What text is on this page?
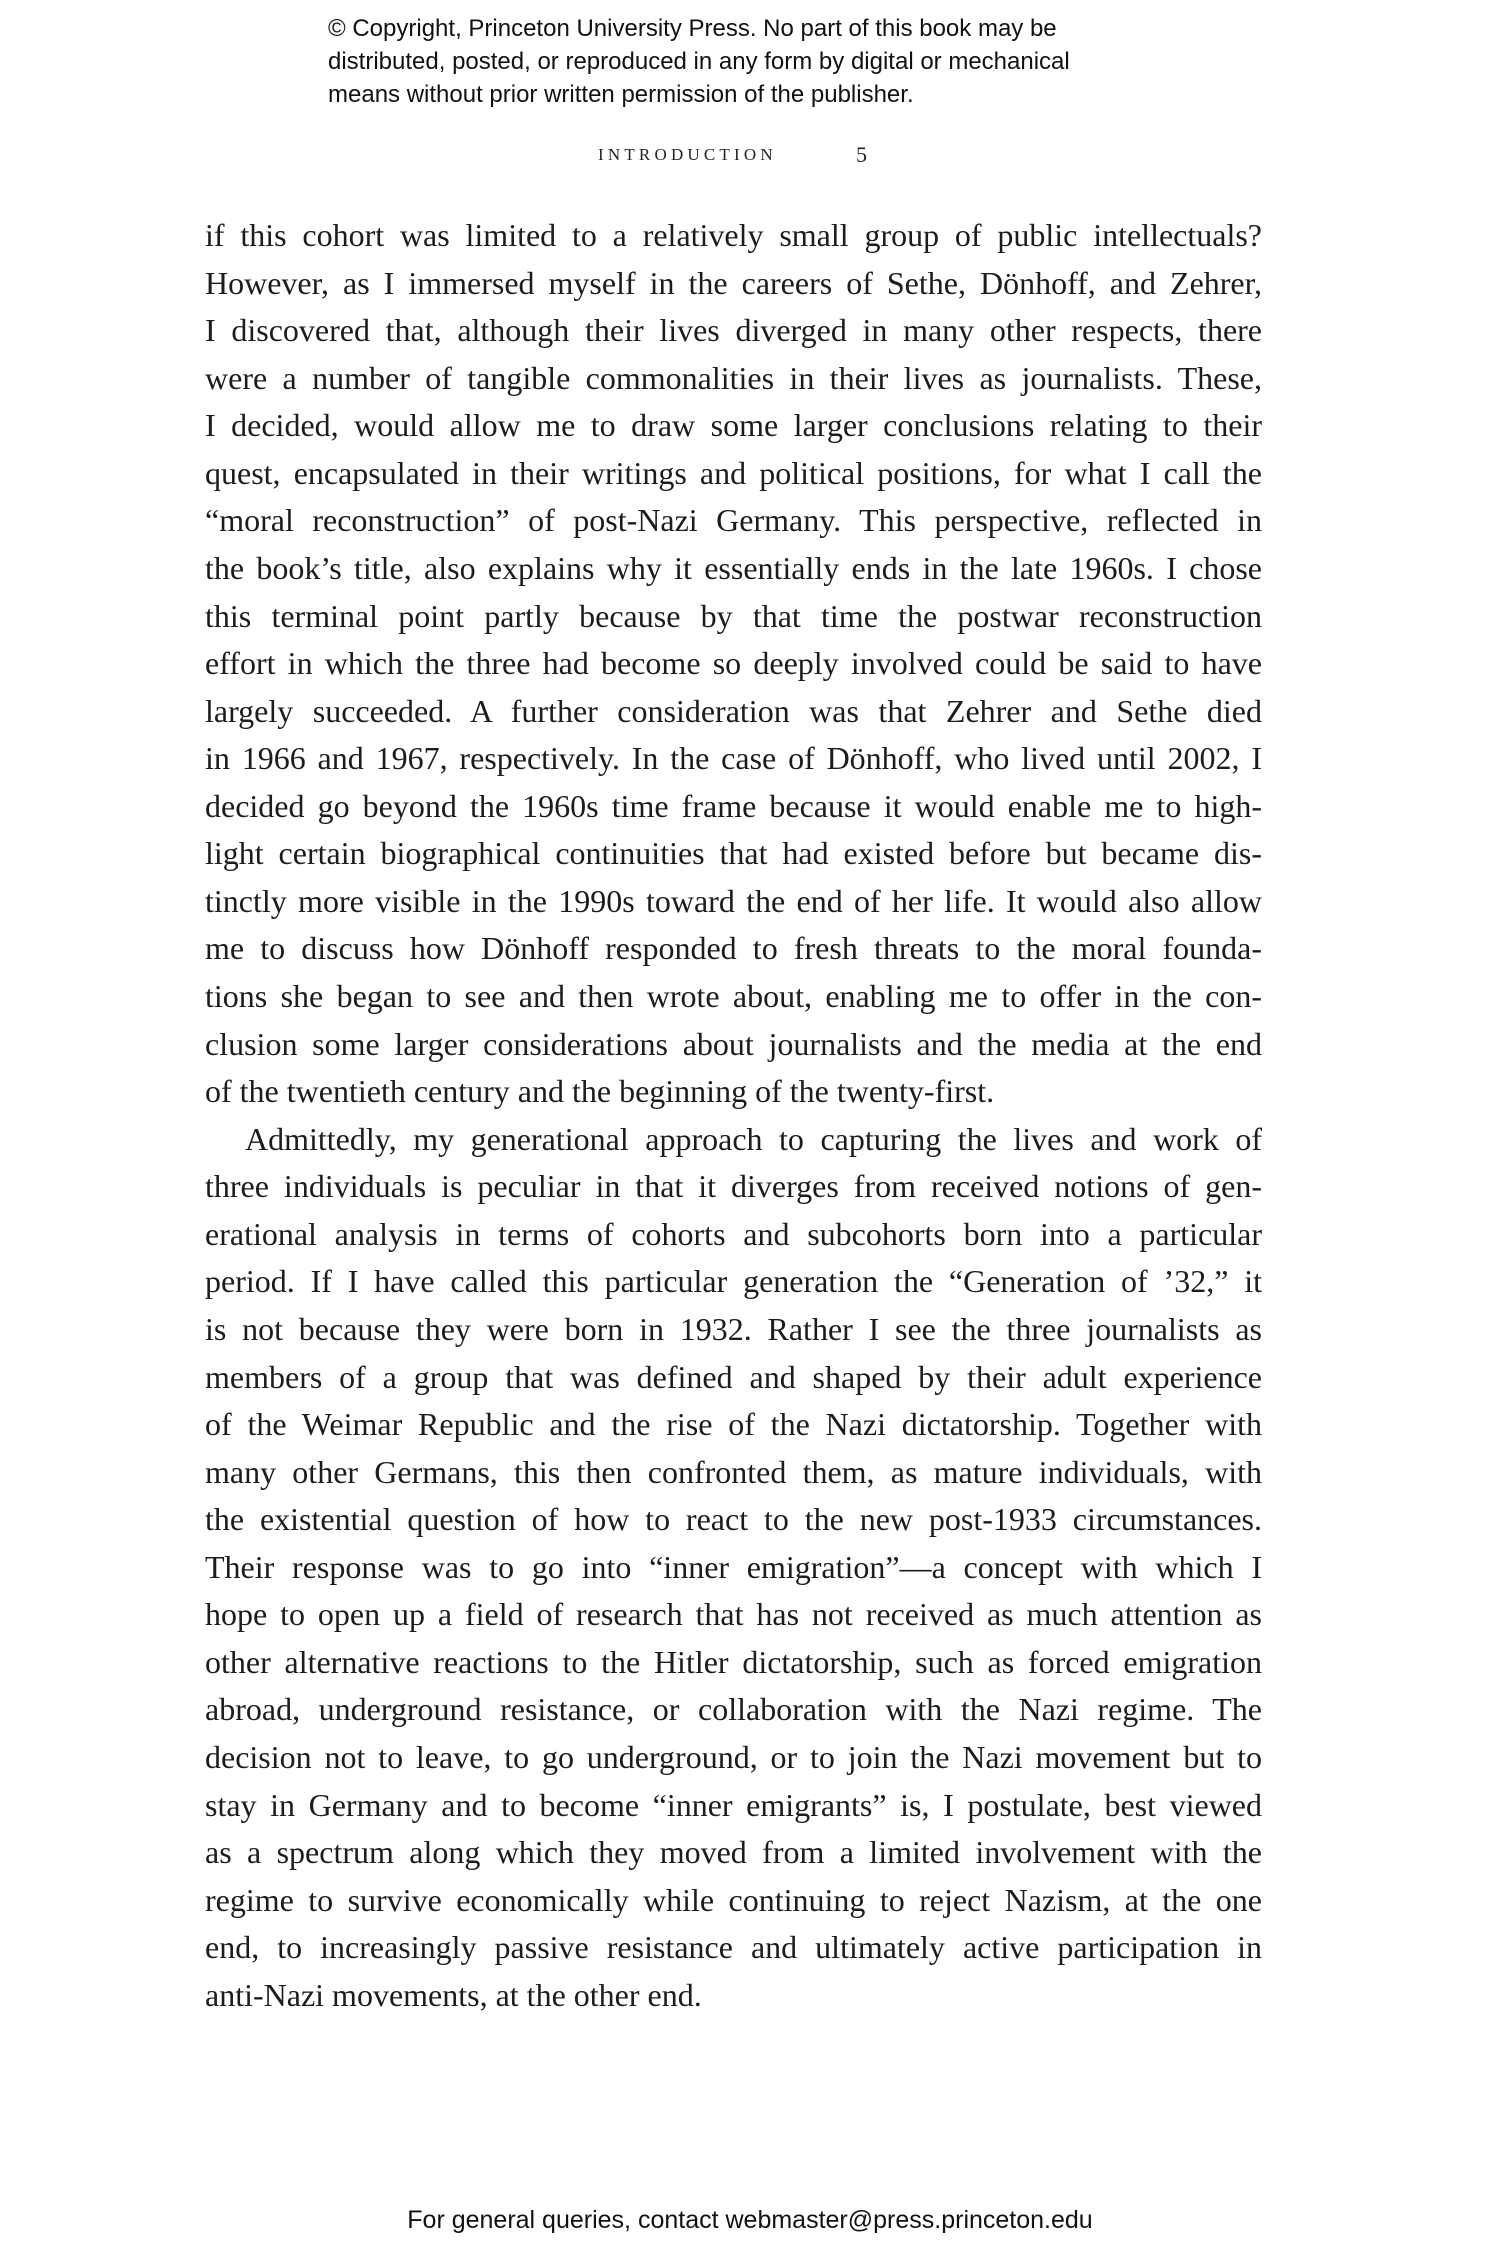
© Copyright, Princeton University Press. No part of this book may be
distributed, posted, or reproduced in any form by digital or mechanical
means without prior written permission of the publisher.
INTRODUCTION	5
if this cohort was limited to a relatively small group of public intellectuals?
However, as I immersed myself in the careers of Sethe, Dönhoff, and Zehrer,
I discovered that, although their lives diverged in many other respects, there
were a number of tangible commonalities in their lives as journalists. These,
I decided, would allow me to draw some larger conclusions relating to their
quest, encapsulated in their writings and political positions, for what I call the
“moral reconstruction” of post-Nazi Germany. This perspective, reflected in
the book’s title, also explains why it essentially ends in the late 1960s. I chose
this terminal point partly because by that time the postwar reconstruction
effort in which the three had become so deeply involved could be said to have
largely succeeded. A further consideration was that Zehrer and Sethe died
in 1966 and 1967, respectively. In the case of Dönhoff, who lived until 2002, I
decided go beyond the 1960s time frame because it would enable me to high-
light certain biographical continuities that had existed before but became dis-
tinctly more visible in the 1990s toward the end of her life. It would also allow
me to discuss how Dönhoff responded to fresh threats to the moral founda-
tions she began to see and then wrote about, enabling me to offer in the con-
clusion some larger considerations about journalists and the media at the end
of the twentieth century and the beginning of the twenty-first.
Admittedly, my generational approach to capturing the lives and work of
three individuals is peculiar in that it diverges from received notions of gen-
erational analysis in terms of cohorts and subcohorts born into a particular
period. If I have called this particular generation the “Generation of ’32,” it
is not because they were born in 1932. Rather I see the three journalists as
members of a group that was defined and shaped by their adult experience
of the Weimar Republic and the rise of the Nazi dictatorship. Together with
many other Germans, this then confronted them, as mature individuals, with
the existential question of how to react to the new post-1933 circumstances.
Their response was to go into “inner emigration”—a concept with which I
hope to open up a field of research that has not received as much attention as
other alternative reactions to the Hitler dictatorship, such as forced emigration
abroad, underground resistance, or collaboration with the Nazi regime. The
decision not to leave, to go underground, or to join the Nazi movement but to
stay in Germany and to become “inner emigrants” is, I postulate, best viewed
as a spectrum along which they moved from a limited involvement with the
regime to survive economically while continuing to reject Nazism, at the one
end, to increasingly passive resistance and ultimately active participation in
anti-Nazi movements, at the other end.
For general queries, contact webmaster@press.princeton.edu
